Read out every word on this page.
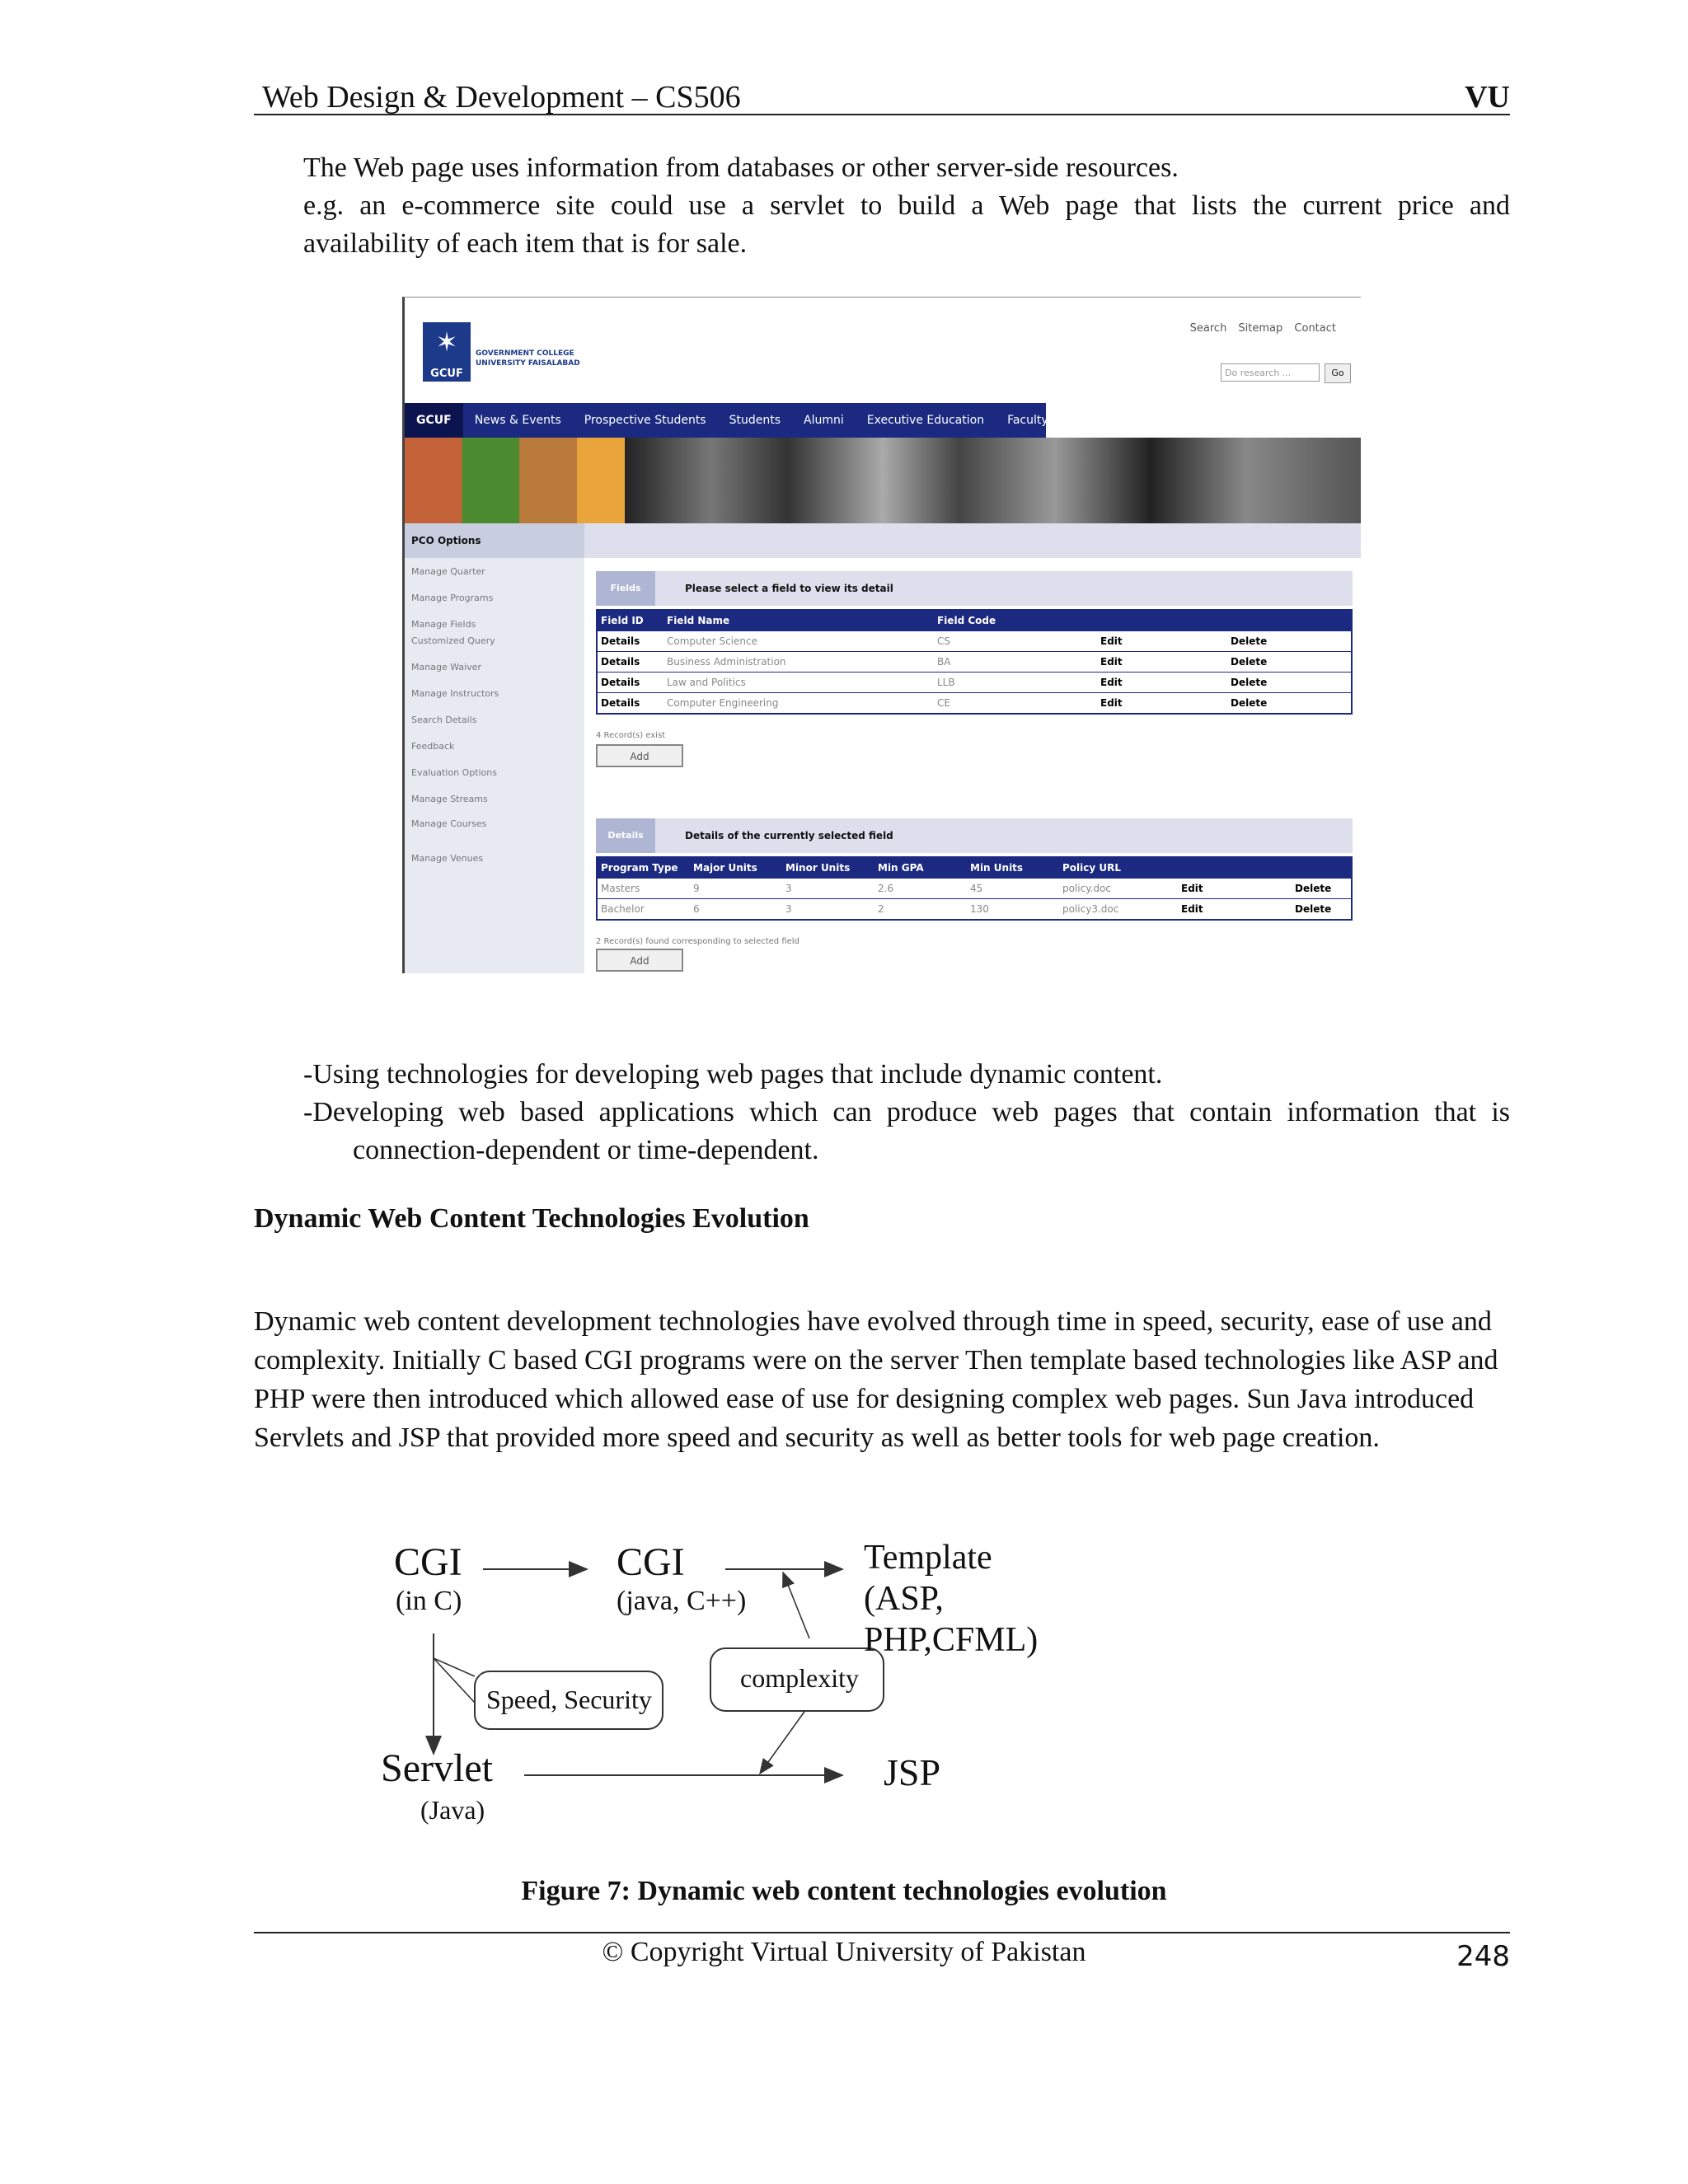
Web Design & Development – CS506	VU
The Web page uses information from databases or other server-side resources.
e.g. an e-commerce site could use a servlet to build a Web page that lists the current price and
availability of each item that is for sale.
✶
GCUF
GOVERNMENT COLLEGE
UNIVERSITY FAISALABAD
Search Sitemap Contact
Do research ...	Go
GCUF	News & Events	Prospective Students	Students	Alumni	Executive Education	Faculty & Research
PCO Options
Manage Quarter
Manage Programs
Manage Fields
Customized Query
Manage Waiver
Manage Instructors
Search Details
Feedback
Evaluation Options
Manage Streams
Manage Courses
Manage Venues
Fields	Please select a field to view its detail
Field ID	Field Name	Field Code		
Details	Computer Science	CS	Edit	Delete
Details	Business Administration	BA	Edit	Delete
Details	Law and Politics	LLB	Edit	Delete
Details	Computer Engineering	CE	Edit	Delete
4 Record(s) exist
Add
Details	Details of the currently selected field
Program Type	Major Units	Minor Units	Min GPA	Min Units	Policy URL		
Masters	9	3	2.6	45	policy.doc	Edit	Delete
Bachelor	6	3	2	130	policy3.doc	Edit	Delete
2 Record(s) found corresponding to selected field
Add
-Using technologies for developing web pages that include dynamic content.
-Developing web based applications which can produce web pages that contain information that is
connection-dependent or time-dependent.
Dynamic Web Content Technologies Evolution
Dynamic web content development technologies have evolved through time in speed, security, ease of use and complexity. Initially C based CGI programs were on the server Then template based technologies like ASP and PHP were then introduced which allowed ease of use for designing complex web pages. Sun Java introduced Servlets and JSP that provided more speed and security as well as better tools for web page creation.
CGI
(in C)
CGI
(java, C++)
Template
(ASP,
PHP,CFML)
Speed, Security
complexity
Servlet
(Java)
JSP
Figure 7: Dynamic web content technologies evolution
© Copyright Virtual University of Pakistan	248
